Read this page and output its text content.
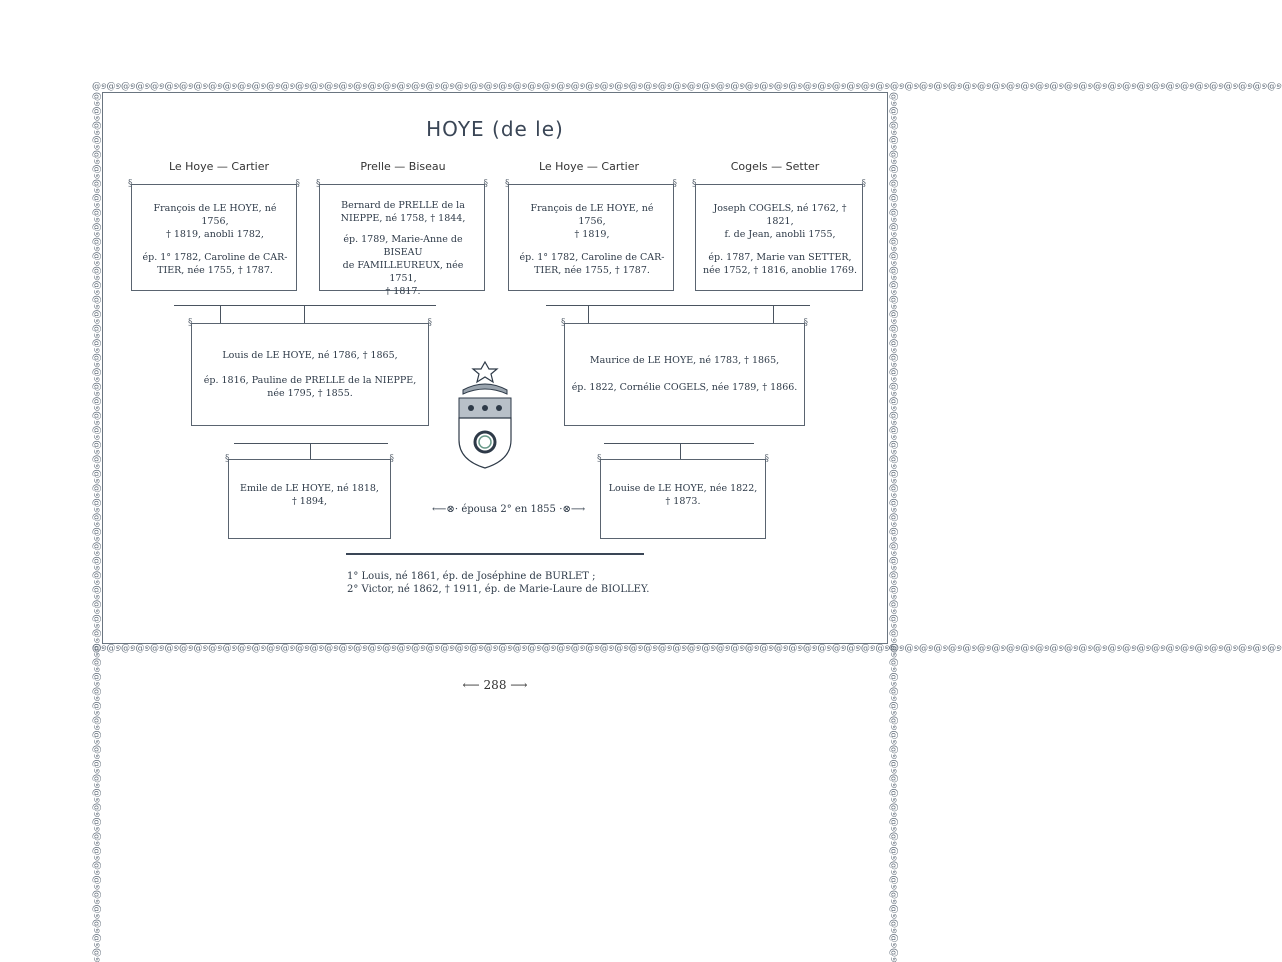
@୭@୭@୭@୭@୭@୭@୭@୭@୭@୭@୭@୭@୭@୭@୭@୭@୭@୭@୭@୭@୭@୭@୭@୭@୭@୭@୭@୭@୭@୭@୭@୭@୭@୭@୭@୭@୭@୭@୭@୭@୭@୭@୭@୭@୭@୭@୭@୭@୭@୭@୭@୭@୭@୭@୭@୭@୭@୭@୭@୭@୭@୭@୭@୭@୭@୭@୭@୭@୭@୭@୭@୭@୭@୭@୭@୭@୭@୭@୭@୭@୭@୭
@୭@୭@୭@୭@୭@୭@୭@୭@୭@୭@୭@୭@୭@୭@୭@୭@୭@୭@୭@୭@୭@୭@୭@୭@୭@୭@୭@୭@୭@୭@୭@୭@୭@୭@୭@୭@୭@୭@୭@୭@୭@୭@୭@୭@୭@୭@୭@୭@୭@୭@୭@୭@୭@୭@୭@୭@୭@୭@୭@୭@୭@୭@୭@୭@୭@୭@୭@୭@୭@୭@୭@୭@୭@୭@୭@୭@୭@୭@୭@୭@୭@୭
@୭@୭@୭@୭@୭@୭@୭@୭@୭@୭@୭@୭@୭@୭@୭@୭@୭@୭@୭@୭@୭@୭@୭@୭@୭@୭@୭@୭@୭@୭@୭@୭@୭@୭@୭@୭@୭@୭@୭@୭@୭@୭@୭@୭@୭@୭@୭@୭@୭@୭@୭@୭@୭@୭@୭@୭@୭@୭@୭@୭	@୭@୭@୭@୭@୭@୭@୭@୭@୭@୭@୭@୭@୭@୭@୭@୭@୭@୭@୭@୭@୭@୭@୭@୭@୭@୭@୭@୭@୭@୭@୭@୭@୭@୭@୭@୭@୭@୭@୭@୭@୭@୭@୭@୭@୭@୭@୭@୭@୭@୭@୭@୭@୭@୭@୭@୭@୭@୭@୭@୭
HOYE (de le)
Le Hoye — Cartier	Prelle — Biseau	Le Hoye — Cartier	Cogels — Setter

§ François de LE HOYE, né 1756,

† 1819, anobli 1782,

ép. 1° 1782, Caroline de CAR-

TIER, née 1755, † 1787.

§

§ Bernard de PRELLE de la

NIEPPE, né 1758, † 1844,

ép. 1789, Marie-Anne de BISEAU

de FAMILLEUREUX, née 1751,

† 1817.

§

§ François de LE HOYE, né 1756,

† 1819,

ép. 1° 1782, Caroline de CAR-

TIER, née 1755, † 1787.

§

§ Joseph COGELS, né 1762, † 1821,

f. de Jean, anobli 1755,

ép. 1787, Marie van SETTER,

née 1752, † 1816, anoblie 1769.

§

§ Louis de LE HOYE, né 1786, † 1865,

ép. 1816, Pauline de PRELLE de la NIEPPE,

née 1795, † 1855.

§

§ Maurice de LE HOYE, né 1783, † 1865,

ép. 1822, Cornélie COGELS, née 1789, † 1866.

§

§ Emile de LE HOYE, né 1818,

† 1894,

§
⟵⊗⋅ épousa 2° en 1855 ⋅⊗⟶

§ Louise de LE HOYE, née 1822,

† 1873.

§
1° Louis, né 1861, ép. de Joséphine de BURLET ;
2° Victor, né 1862, † 1911, ép. de Marie-Laure de BIOLLEY.
⟵ 288 ⟶
